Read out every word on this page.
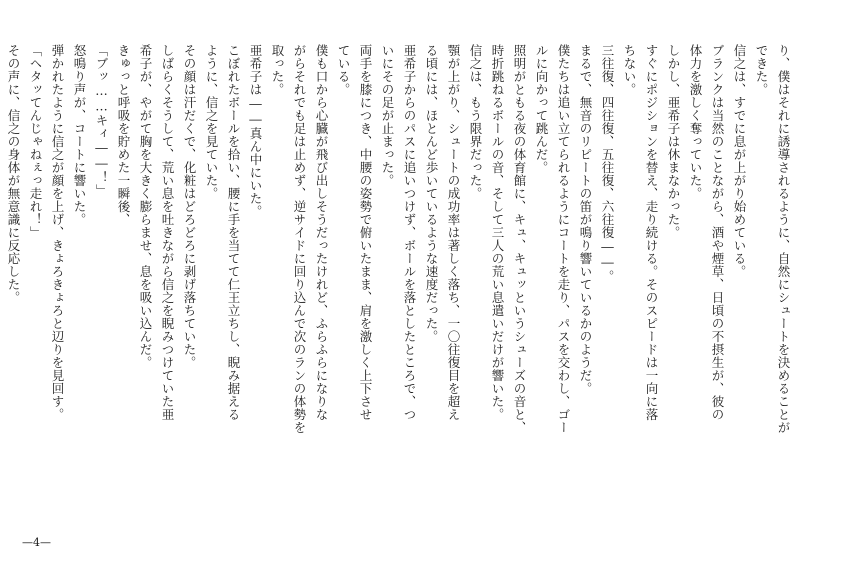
り、僕はそれに誘導されるように、自然にシュートを決めることが

できた。

信之は、すでに息が上がり始めている。

ブランクは当然のことながら、酒や煙草、日頃の不摂生が、彼の

体力を激しく奪っていた。

しかし、亜希子は休まなかった。

すぐにポジションを替え、走り続ける。そのスピードは一向に落

ちない。

三往復、四往復、五往復、六往復――。

まるで、無音のリピートの笛が鳴り響いているかのようだ。

僕たちは追い立てられるようにコートを走り、パスを交わし、ゴー

ルに向かって跳んだ。

照明がともる夜の体育館に、キュ、キュッというシューズの音と、

時折跳ねるボールの音、そして三人の荒い息遣いだけが響いた。

信之は、もう限界だった。

顎が上がり、シュートの成功率は著しく落ち、一〇往復目を超え

る頃には、ほとんど歩いているような速度だった。

亜希子からのパスに追いつけず、ボールを落としたところで、つ

いにその足が止まった。

両手を膝につき、中腰の姿勢で俯いたまま、肩を激しく上下させ

ている。

僕も口から心臓が飛び出しそうだったけれど、ふらふらになりな

がらそれでも足は止めず、逆サイドに回り込んで次のランの体勢を

取った。

亜希子は――真ん中にいた。

こぼれたボールを拾い、腰に手を当てて仁王立ちし、睨み据える

ように、信之を見ていた。

その顔は汗だくで、化粧はどろどろに剥げ落ちていた。

しばらくそうして、荒い息を吐きながら信之を睨みつけていた亜

希子が、やがて胸を大きく膨らませ、息を吸い込んだ。

きゅっと呼吸を貯めた一瞬後、

「ブッ……キィ――！」

怒鳴り声が、コートに響いた。

弾かれたように信之が顔を上げ、きょろきょろと辺りを見回す。

「ヘタッてんじゃねぇっ走れ！」

その声に、信之の身体が無意識に反応した。

—4—
